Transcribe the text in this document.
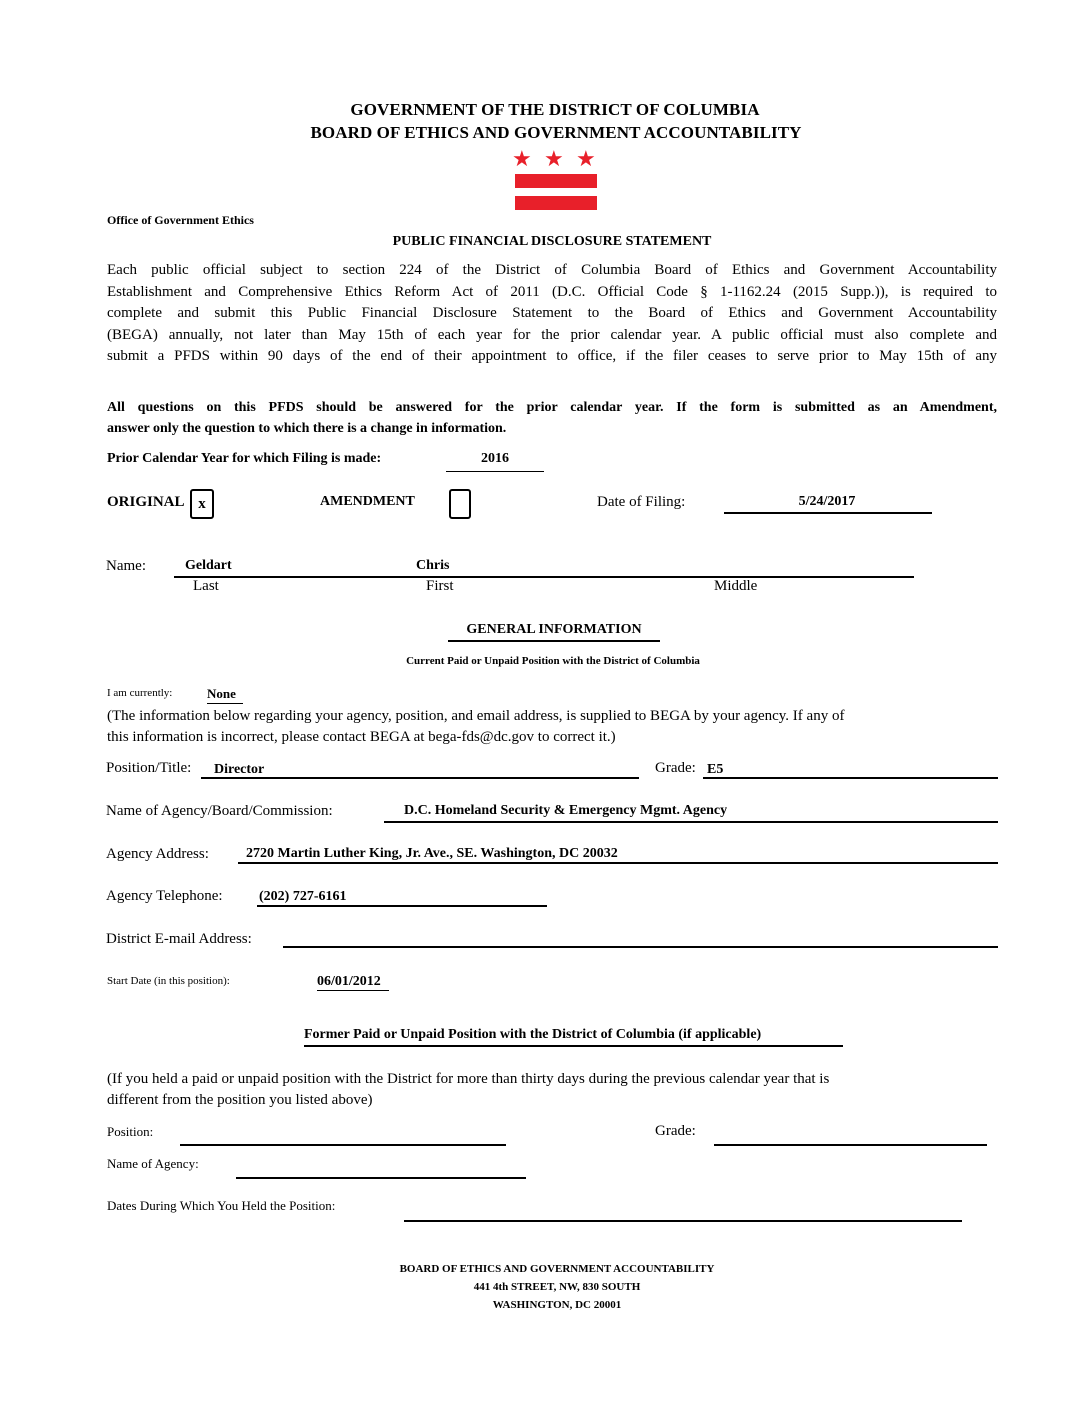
GOVERNMENT OF THE DISTRICT OF COLUMBIA
BOARD OF ETHICS AND GOVERNMENT ACCOUNTABILITY
★ ★ ★
Office of Government Ethics
PUBLIC FINANCIAL DISCLOSURE STATEMENT
Each public official subject to section 224 of the District of Columbia Board of Ethics and Government Accountability
Establishment and Comprehensive Ethics Reform Act of 2011 (D.C. Official Code § 1-1162.24 (2015 Supp.)), is required to
complete and submit this Public Financial Disclosure Statement to the Board of Ethics and Government Accountability
(BEGA) annually, not later than May 15th of each year for the prior calendar year. A public official must also complete and
submit a PFDS within 90 days of the end of their appointment to office, if the filer ceases to serve prior to May 15th of any
All questions on this PFDS should be answered for the prior calendar year. If the form is submitted as an Amendment,
answer only the question to which there is a change in information.
Prior Calendar Year for which Filing is made:	2016
ORIGINAL x	AMENDMENT	Date of Filing:	5/24/2017
Name:	Geldart	Chris
Last	First	Middle
GENERAL INFORMATION
Current Paid or Unpaid Position with the District of Columbia
I am currently:	None
(The information below regarding your agency, position, and email address, is supplied to BEGA by your agency. If any of
this information is incorrect, please contact BEGA at bega-fds@dc.gov to correct it.)
Position/Title: Director	Grade: E5
Name of Agency/Board/Commission:	D.C. Homeland Security & Emergency Mgmt. Agency
Agency Address:	2720 Martin Luther King, Jr. Ave., SE. Washington, DC 20032
Agency Telephone:	(202) 727-6161
District E-mail Address:
Start Date (in this position):	06/01/2012
Former Paid or Unpaid Position with the District of Columbia (if applicable)
(If you held a paid or unpaid position with the District for more than thirty days during the previous calendar year that is
different from the position you listed above)
Position:	Grade:
Name of Agency:
Dates During Which You Held the Position:
BOARD OF ETHICS AND GOVERNMENT ACCOUNTABILITY
441 4th STREET, NW, 830 SOUTH
WASHINGTON, DC 20001
